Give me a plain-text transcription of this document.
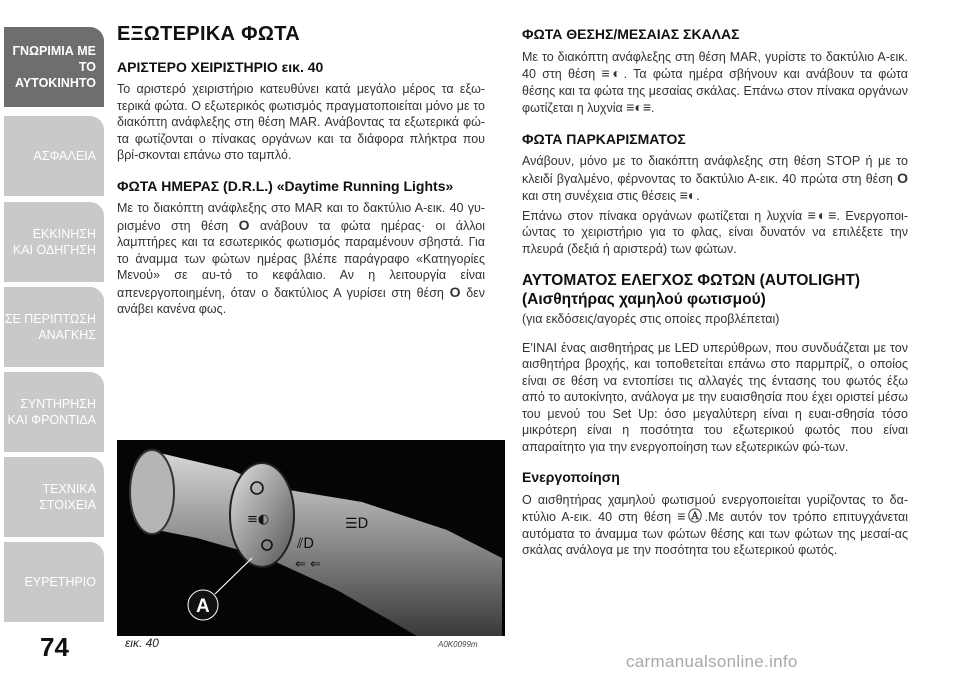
ΓΝΩΡΙΜΙΑ ΜΕ ΤΟ
ΑΥΤΟΚΙΝΗΤΟ
ΑΣΦΑΛΕΙΑ
ΕΚΚΙΝΗΣΗ
ΚΑΙ ΟΔΗΓΗΣΗ
ΣΕ ΠΕΡΙΠΤΩΣΗ
ΑΝΑΓΚΗΣ
ΣΥΝΤΗΡΗΣΗ
ΚΑΙ ΦΡΟΝΤΙΔΑ
ΤΕΧΝΙΚΑ
ΣΤΟΙΧΕΙΑ
ΕΥΡΕΤΗΡΙΟ
74
ΕΞΩΤΕΡΙΚΑ ΦΩΤΑ
ΑΡΙΣΤΕΡΟ ΧΕΙΡΙΣΤΗΡΙΟ εικ. 40

Το αριστερό χειριστήριο κατευθύνει κατά μεγάλο μέρος τα εξω-τερικά φώτα. Ο εξωτερικός φωτισμός πραγματοποιείται μόνο με το διακόπτη ανάφλεξης στη θέση MAR. Ανάβοντας τα εξωτερικά φώ-τα φωτίζονται ο πίνακας οργάνων και τα διάφορα πλήκτρα που βρί-σκονται επάνω στο ταμπλό.

ΦΩΤΑ ΗΜΕΡΑΣ (D.R.L.) «Daytime Running Lights»

Με το διακόπτη ανάφλεξης στο MAR και το δακτύλιο Α-εικ. 40 γυ-ρισμένο στη θέση O ανάβουν τα φώτα ημέρας· οι άλλοι λαμπτήρες και τα εσωτερικός φωτισμός παραμένουν σβηστά. Για το άναμμα των φώτων ημέρας βλέπε παράγραφο «Κατηγορίες Μενού» σε αυ-τό το κεφάλαιο. Αν η λειτουργία είναι απενεργοποιημένη, όταν ο δακτύλιος Α γυρίσει στη θέση O δεν ανάβει κανένα φως.

≡◐	☰D
⫽D
⇐ ⇐
A
εικ. 40	A0K0099m
ΦΩΤΑ ΘΕΣΗΣ/ΜΕΣΑΙΑΣ ΣΚΑΛΑΣ

Με το διακόπτη ανάφλεξης στη θέση MAR, γυρίστε το δακτύλιο Α-εικ. 40 στη θέση ≡◐. Τα φώτα ημέρα σβήνουν και ανάβουν τα φώτα θέσης και τα φώτα της μεσαίας σκάλας. Επάνω στον πίνακα οργάνων φωτίζεται η λυχνία ≡◐≡.

ΦΩΤΑ ΠΑΡΚΑΡΙΣΜΑΤΟΣ

Ανάβουν, μόνο με το διακόπτη ανάφλεξης στη θέση STOP ή με το κλειδί βγαλμένο, φέρνοντας το δακτύλιο Α-εικ. 40 πρώτα στη θέση O και στη συνέχεια στις θέσεις ≡◐.

Επάνω στον πίνακα οργάνων φωτίζεται η λυχνία ≡◐≡. Ενεργοποι-ώντας το χειριστήριο για το φλας, είναι δυνατόν να επιλέξετε την πλευρά (δεξιά ή αριστερά) των φώτων.

ΑΥΤΟΜΑΤΟΣ ΕΛΕΓΧΟΣ ΦΩΤΩΝ (AUTOLIGHT) (Αισθητήρας χαμηλού φωτισμού)
(για εκδόσεις/αγορές στις οποίες προβλέπεται)

Ε'ΙΝΑΙ ένας αισθητήρας με LED υπερύθρων, που συνδυάζεται με τον αισθητήρα βροχής, και τοποθετείται επάνω στο παρμπρίζ, ο οποίος είναι σε θέση να εντοπίσει τις αλλαγές της έντασης του φωτός έξω από το αυτοκίνητο, ανάλογα με την ευαισθησία που έχει οριστεί μέσω του μενού του Set Up: όσο μεγαλύτερη είναι η ευαι-σθησία τόσο μικρότερη είναι η ποσότητα του εξωτερικού φωτός που είναι απαραίτητο για την ενεργοποίηση των εξωτερικών φώ-των.

Ενεργοποίηση

Ο αισθητήρας χαμηλού φωτισμού ενεργοποιείται γυρίζοντας το δα-κτύλιο Α-εικ. 40 στη θέση ≡Ⓐ.Με αυτόν τον τρόπο επιτυγχάνεται αυτόματα το άναμμα των φώτων θέσης και των φώτων της μεσαί-ας σκάλας ανάλογα με την ποσότητα του εξωτερικού φωτός.

carmanualsonline.info
